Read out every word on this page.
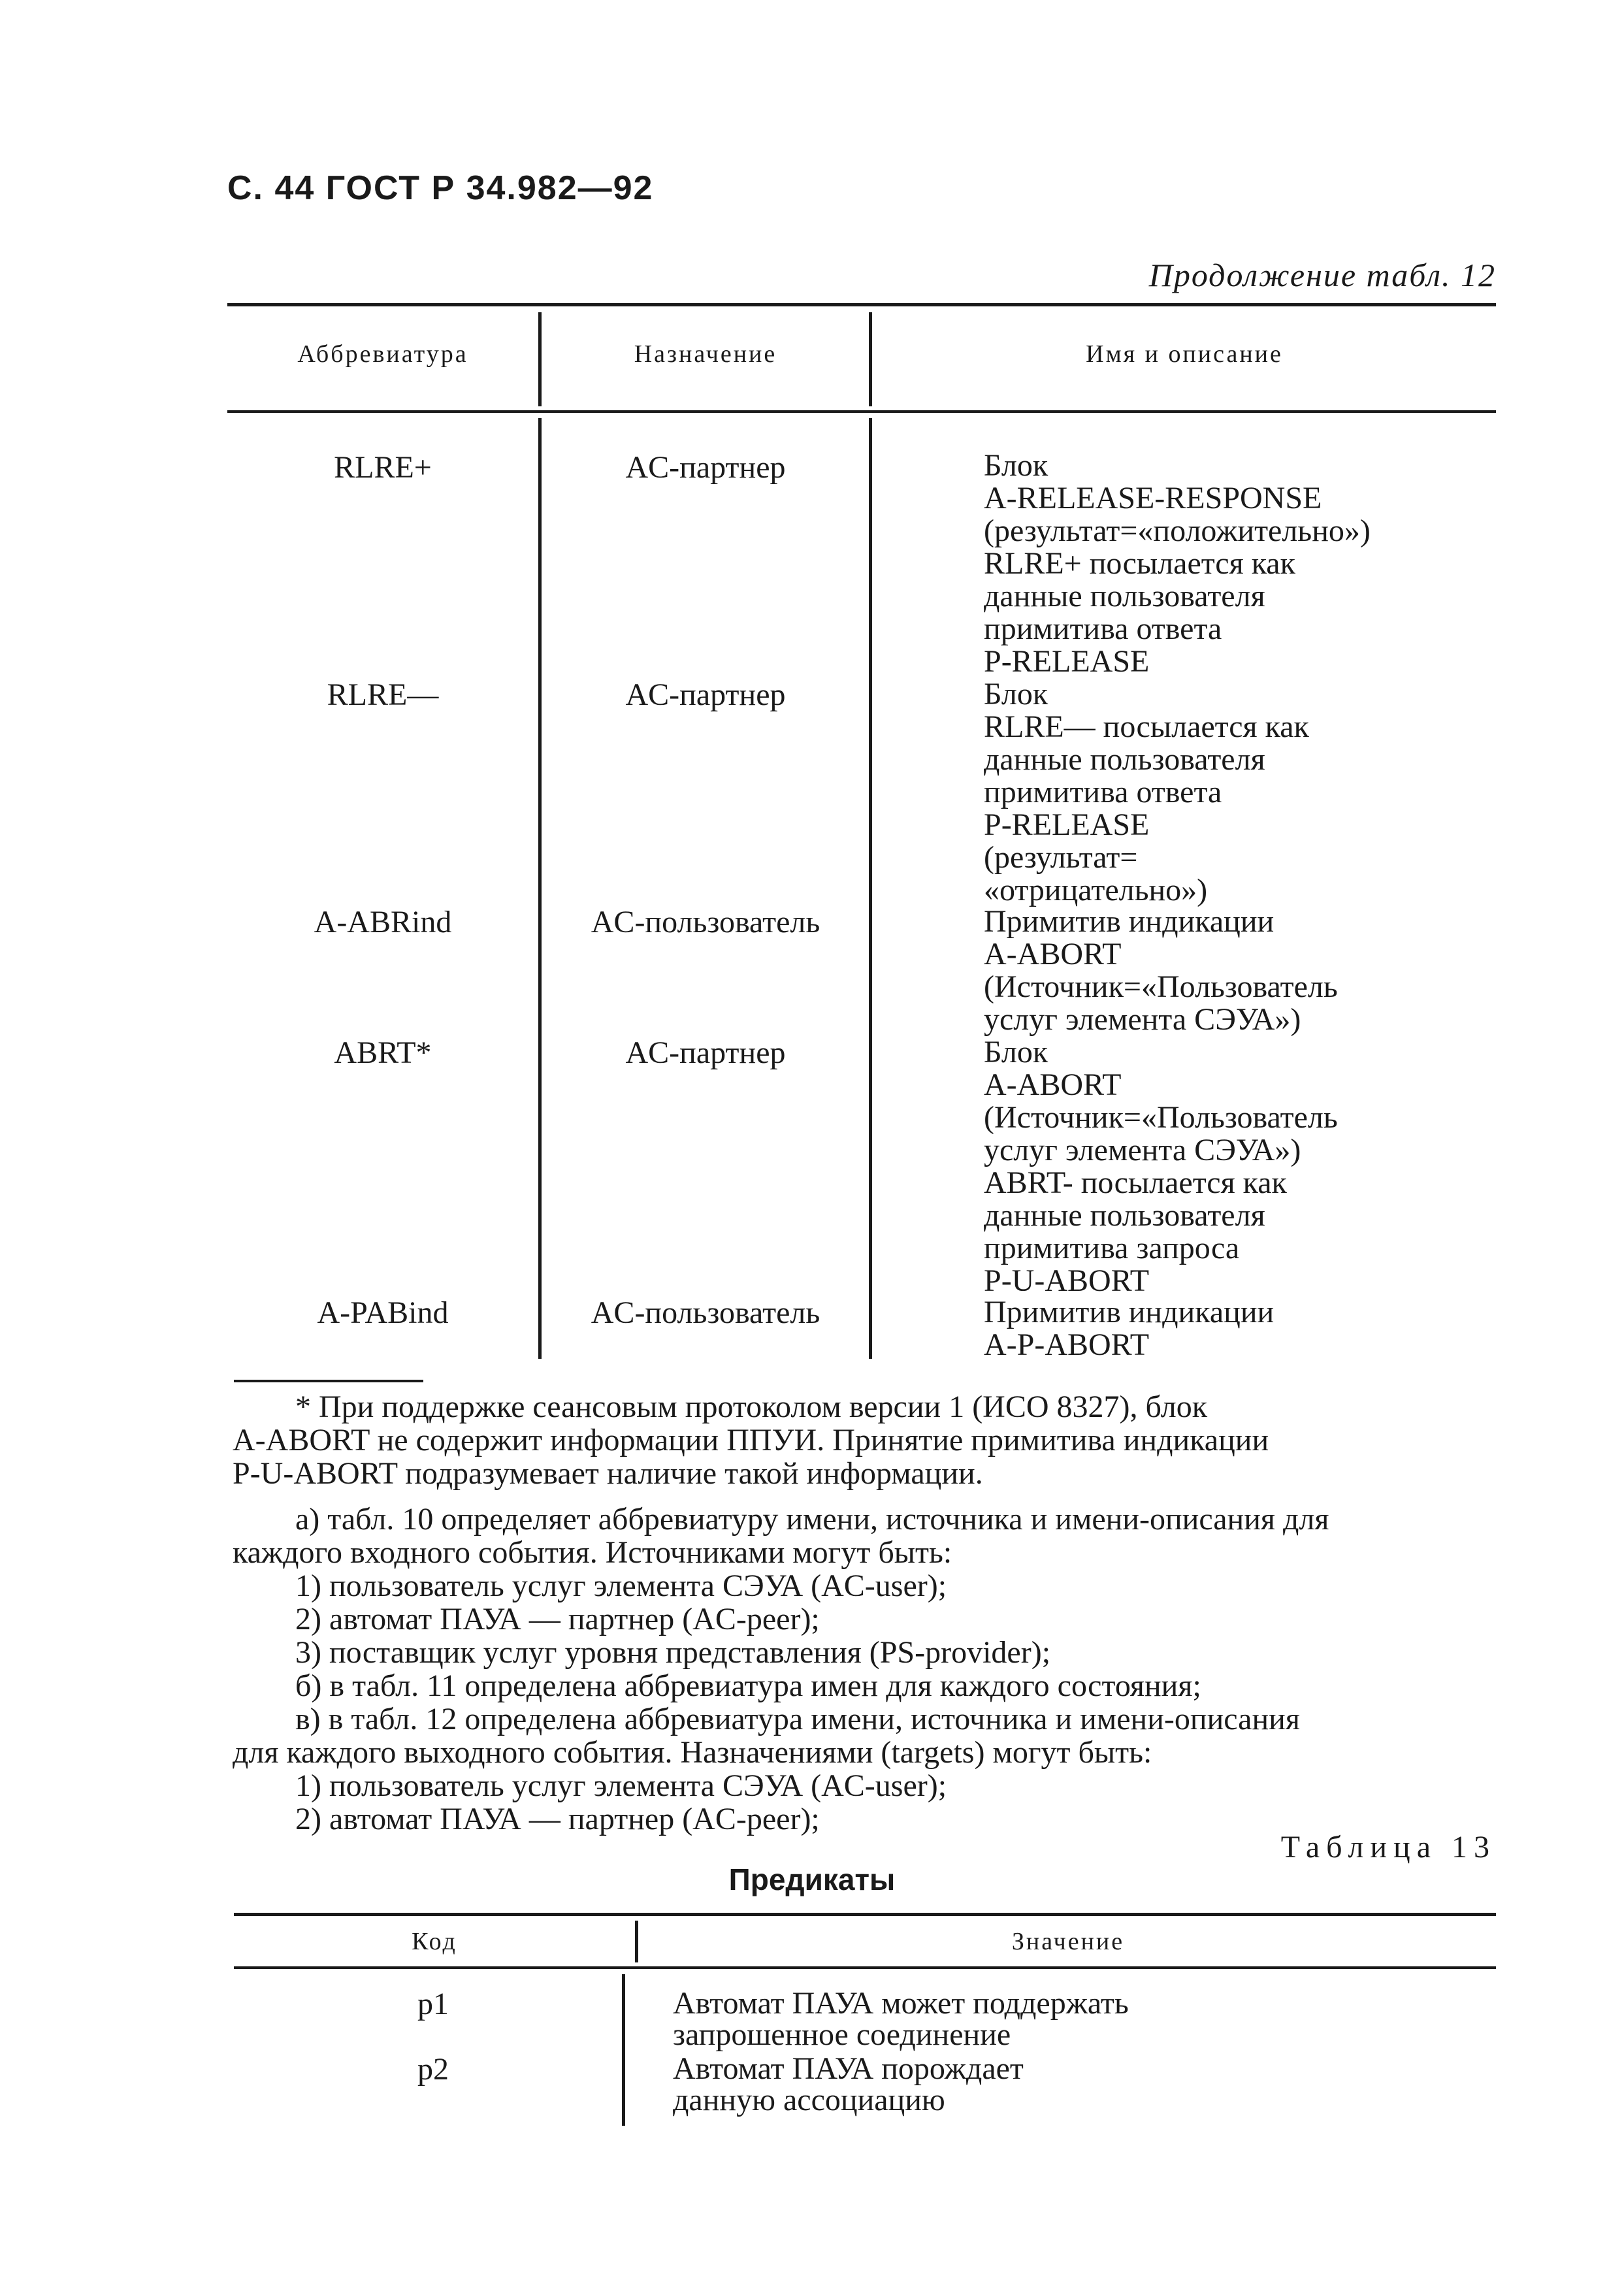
С. 44 ГОСТ Р 34.982—92
Продолжение табл. 12
Аббревиатура	Назначение	Имя и описание
RLRE+	AC-партнер	Блок
A-RELEASE-RESPONSE
(результат=«положительно»)
RLRE+ посылается как
данные пользователя
примитива ответа
P-RELEASE
RLRE—	AC-партнер	Блок
RLRE— посылается как
данные пользователя
примитива ответа
P-RELEASE
(результат=
«отрицательно»)
A-ABRind	AC-пользователь	Примитив индикации
A-ABORT
(Источник=«Пользователь
услуг элемента СЭУА»)
ABRT*	AC-партнер	Блок
A-ABORT
(Источник=«Пользователь
услуг элемента СЭУА»)
ABRT- посылается как
данные пользователя
примитива запроса
P-U-ABORT
A-PABind	AC-пользователь	Примитив индикации
A-P-ABORT
* При поддержке сеансовым протоколом версии 1 (ИСО 8327), блок
A-ABORT не содержит информации ППУИ. Принятие примитива индикации
P-U-ABORT подразумевает наличие такой информации.
а) табл. 10 определяет аббревиатуру имени, источника и имени-описания для
каждого входного события. Источниками могут быть:
1) пользователь услуг элемента СЭУА (AC-user);
2) автомат ПАУА — партнер (AC-peer);
3) поставщик услуг уровня представления (PS-provider);
б) в табл. 11 определена аббревиатура имен для каждого состояния;
в) в табл. 12 определена аббревиатура имени, источника и имени-описания
для каждого выходного события. Назначениями (targets) могут быть:
1) пользователь услуг элемента СЭУА (AC-user);
2) автомат ПАУА — партнер (AC-peer);
Таблица 13
Предикаты
Код	Значение
p1	Автомат ПАУА может поддержать
запрошенное соединение
p2	Автомат ПАУА порождает
данную ассоциацию
